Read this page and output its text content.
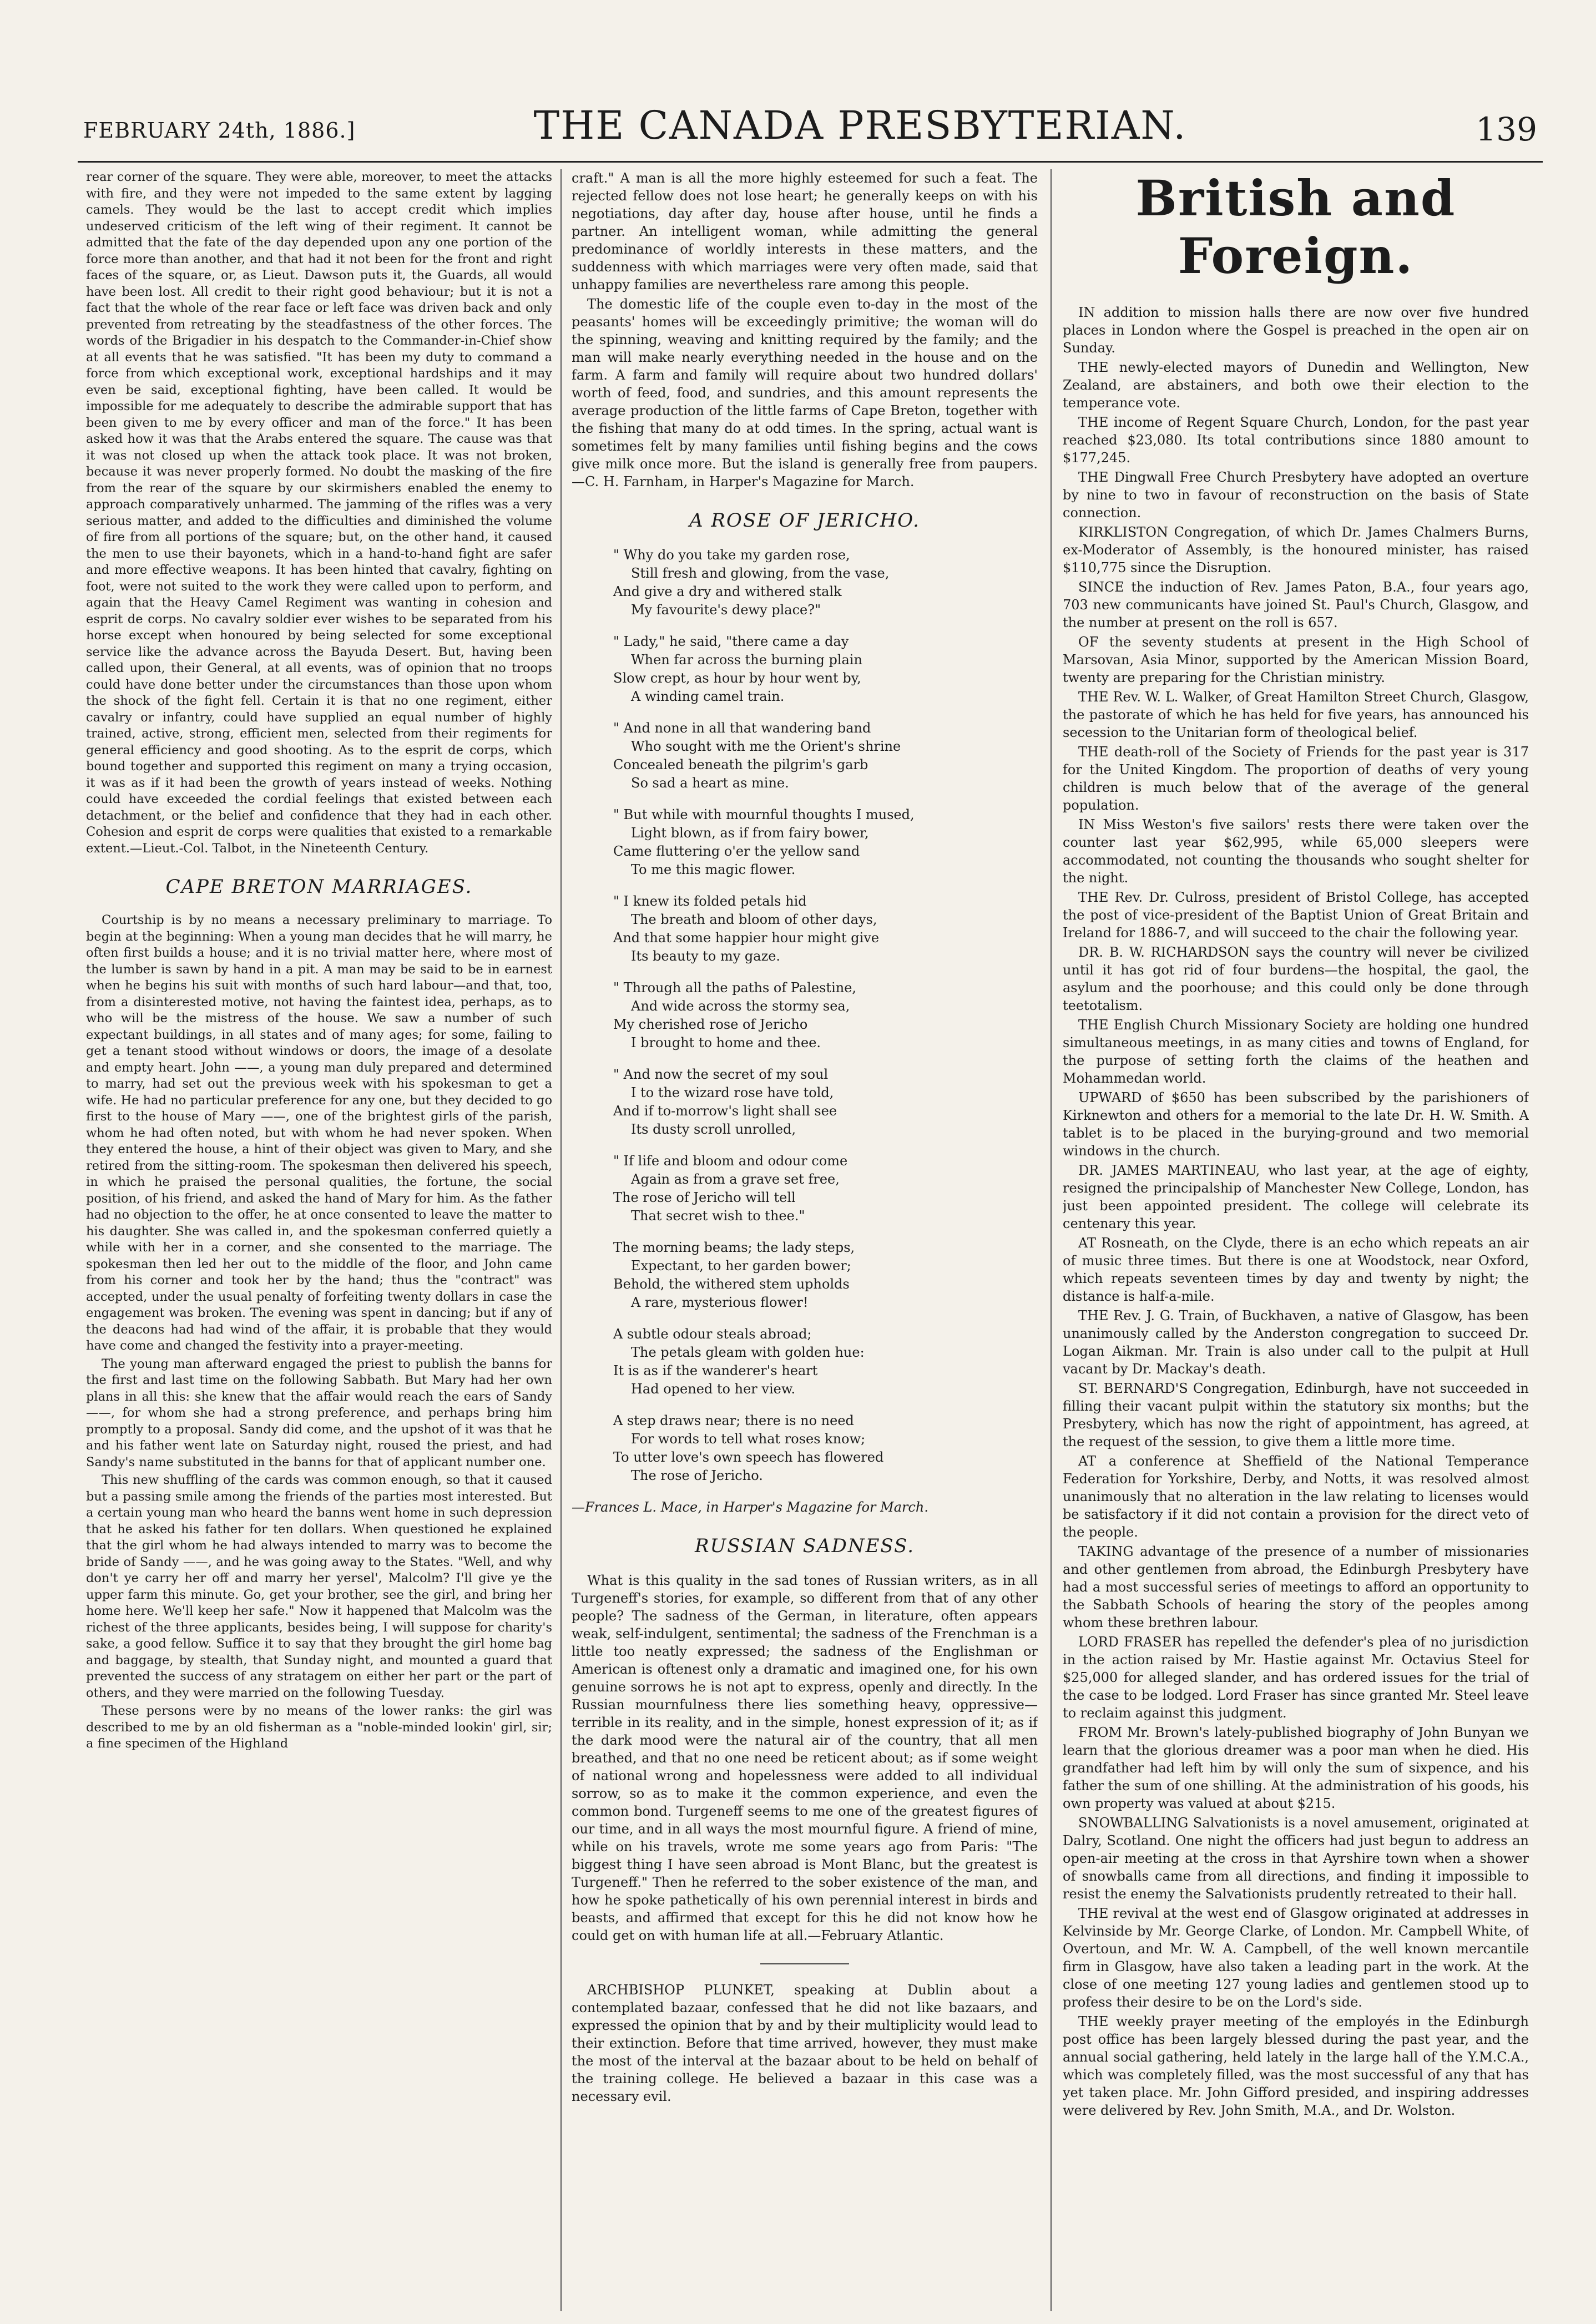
FEBRUARY 24th, 1886.]	THE CANADA PRESBYTERIAN.	139

rear corner of the square. They were able, moreover, to meet the attacks with fire, and they were not impeded to the same extent by lagging camels. They would be the last to accept credit which implies undeserved criticism of the left wing of their regiment. It cannot be admitted that the fate of the day depended upon any one portion of the force more than another, and that had it not been for the front and right faces of the square, or, as Lieut. Dawson puts it, the Guards, all would have been lost. All credit to their right good behaviour; but it is not a fact that the whole of the rear face or left face was driven back and only prevented from retreating by the steadfastness of the other forces. The words of the Brigadier in his despatch to the Commander-in-Chief show at all events that he was satisfied. "It has been my duty to command a force from which exceptional work, exceptional hardships and it may even be said, exceptional fighting, have been called. It would be impossible for me adequately to describe the admirable support that has been given to me by every officer and man of the force." It has been asked how it was that the Arabs entered the square. The cause was that it was not closed up when the attack took place. It was not broken, because it was never properly formed. No doubt the masking of the fire from the rear of the square by our skirmishers enabled the enemy to approach comparatively unharmed. The jamming of the rifles was a very serious matter, and added to the difficulties and diminished the volume of fire from all portions of the square; but, on the other hand, it caused the men to use their bayonets, which in a hand-to-hand fight are safer and more effective weapons. It has been hinted that cavalry, fighting on foot, were not suited to the work they were called upon to perform, and again that the Heavy Camel Regiment was wanting in cohesion and esprit de corps. No cavalry soldier ever wishes to be separated from his horse except when honoured by being selected for some exceptional service like the advance across the Bayuda Desert. But, having been called upon, their General, at all events, was of opinion that no troops could have done better under the circumstances than those upon whom the shock of the fight fell. Certain it is that no one regiment, either cavalry or infantry, could have supplied an equal number of highly trained, active, strong, efficient men, selected from their regiments for general efficiency and good shooting. As to the esprit de corps, which bound together and supported this regiment on many a trying occasion, it was as if it had been the growth of years instead of weeks. Nothing could have exceeded the cordial feelings that existed between each detachment, or the belief and confidence that they had in each other. Cohesion and esprit de corps were qualities that existed to a remarkable extent.—Lieut.-Col. Talbot, in the Nineteenth Century.

CAPE BRETON MARRIAGES.

Courtship is by no means a necessary preliminary to marriage. To begin at the beginning: When a young man decides that he will marry, he often first builds a house; and it is no trivial matter here, where most of the lumber is sawn by hand in a pit. A man may be said to be in earnest when he begins his suit with months of such hard labour—and that, too, from a disinterested motive, not having the faintest idea, perhaps, as to who will be the mistress of the house. We saw a number of such expectant buildings, in all states and of many ages; for some, failing to get a tenant stood without windows or doors, the image of a desolate and empty heart. John ——, a young man duly prepared and determined to marry, had set out the previous week with his spokesman to get a wife. He had no particular preference for any one, but they decided to go first to the house of Mary ——, one of the brightest girls of the parish, whom he had often noted, but with whom he had never spoken. When they entered the house, a hint of their object was given to Mary, and she retired from the sitting-room. The spokesman then delivered his speech, in which he praised the personal qualities, the fortune, the social position, of his friend, and asked the hand of Mary for him. As the father had no objection to the offer, he at once consented to leave the matter to his daughter. She was called in, and the spokesman conferred quietly a while with her in a corner, and she consented to the marriage. The spokesman then led her out to the middle of the floor, and John came from his corner and took her by the hand; thus the "contract" was accepted, under the usual penalty of forfeiting twenty dollars in case the engagement was broken. The evening was spent in dancing; but if any of the deacons had had wind of the affair, it is probable that they would have come and changed the festivity into a prayer-meeting.

The young man afterward engaged the priest to publish the banns for the first and last time on the following Sabbath. But Mary had her own plans in all this: she knew that the affair would reach the ears of Sandy ——, for whom she had a strong preference, and perhaps bring him promptly to a proposal. Sandy did come, and the upshot of it was that he and his father went late on Saturday night, roused the priest, and had Sandy's name substituted in the banns for that of applicant number one.

This new shuffling of the cards was common enough, so that it caused but a passing smile among the friends of the parties most interested. But a certain young man who heard the banns went home in such depression that he asked his father for ten dollars. When questioned he explained that the girl whom he had always intended to marry was to become the bride of Sandy ——, and he was going away to the States. "Well, and why don't ye carry her off and marry her yersel', Malcolm? I'll give ye the upper farm this minute. Go, get your brother, see the girl, and bring her home here. We'll keep her safe." Now it happened that Malcolm was the richest of the three applicants, besides being, I will suppose for charity's sake, a good fellow. Suffice it to say that they brought the girl home bag and baggage, by stealth, that Sunday night, and mounted a guard that prevented the success of any stratagem on either her part or the part of others, and they were married on the following Tuesday.

These persons were by no means of the lower ranks: the girl was described to me by an old fisherman as a "noble-minded lookin' girl, sir; a fine specimen of the Highland

craft." A man is all the more highly esteemed for such a feat. The rejected fellow does not lose heart; he generally keeps on with his negotiations, day after day, house after house, until he finds a partner. An intelligent woman, while admitting the general predominance of worldly interests in these matters, and the suddenness with which marriages were very often made, said that unhappy families are nevertheless rare among this people.

The domestic life of the couple even to-day in the most of the peasants' homes will be exceedingly primitive; the woman will do the spinning, weaving and knitting required by the family; and the man will make nearly everything needed in the house and on the farm. A farm and family will require about two hundred dollars' worth of feed, food, and sundries, and this amount represents the average production of the little farms of Cape Breton, together with the fishing that many do at odd times. In the spring, actual want is sometimes felt by many families until fishing begins and the cows give milk once more. But the island is generally free from paupers.—C. H. Farnham, in Harper's Magazine for March.

A ROSE OF JERICHO.
" Why do you take my garden rose,
Still fresh and glowing, from the vase,
And give a dry and withered stalk
My favourite's dewy place?"
" Lady," he said, "there came a day
When far across the burning plain
Slow crept, as hour by hour went by,
A winding camel train.
" And none in all that wandering band
Who sought with me the Orient's shrine
Concealed beneath the pilgrim's garb
So sad a heart as mine.
" But while with mournful thoughts I mused,
Light blown, as if from fairy bower,
Came fluttering o'er the yellow sand
To me this magic flower.
" I knew its folded petals hid
The breath and bloom of other days,
And that some happier hour might give
Its beauty to my gaze.
" Through all the paths of Palestine,
And wide across the stormy sea,
My cherished rose of Jericho
I brought to home and thee.
" And now the secret of my soul
I to the wizard rose have told,
And if to-morrow's light shall see
Its dusty scroll unrolled,
" If life and bloom and odour come
Again as from a grave set free,
The rose of Jericho will tell
That secret wish to thee."
The morning beams; the lady steps,
Expectant, to her garden bower;
Behold, the withered stem upholds
A rare, mysterious flower!
A subtle odour steals abroad;
The petals gleam with golden hue:
It is as if the wanderer's heart
Had opened to her view.
A step draws near; there is no need
For words to tell what roses know;
To utter love's own speech has flowered
The rose of Jericho.
—Frances L. Mace, in Harper's Magazine for March.
RUSSIAN SADNESS.

What is this quality in the sad tones of Russian writers, as in all Turgeneff's stories, for example, so different from that of any other people? The sadness of the German, in literature, often appears weak, self-indulgent, sentimental; the sadness of the Frenchman is a little too neatly expressed; the sadness of the Englishman or American is oftenest only a dramatic and imagined one, for his own genuine sorrows he is not apt to express, openly and directly. In the Russian mournfulness there lies something heavy, oppressive—terrible in its reality, and in the simple, honest expression of it; as if the dark mood were the natural air of the country, that all men breathed, and that no one need be reticent about; as if some weight of national wrong and hopelessness were added to all individual sorrow, so as to make it the common experience, and even the common bond. Turgeneff seems to me one of the greatest figures of our time, and in all ways the most mournful figure. A friend of mine, while on his travels, wrote me some years ago from Paris: "The biggest thing I have seen abroad is Mont Blanc, but the greatest is Turgeneff." Then he referred to the sober existence of the man, and how he spoke pathetically of his own perennial interest in birds and beasts, and affirmed that except for this he did not know how he could get on with human life at all.—February Atlantic.

ARCHBISHOP PLUNKET, speaking at Dublin about a contemplated bazaar, confessed that he did not like bazaars, and expressed the opinion that by and by their multiplicity would lead to their extinction. Before that time arrived, however, they must make the most of the interval at the bazaar about to be held on behalf of the training college. He believed a bazaar in this case was a necessary evil.

British and Foreign.

IN addition to mission halls there are now over five hundred places in London where the Gospel is preached in the open air on Sunday.

THE newly-elected mayors of Dunedin and Wellington, New Zealand, are abstainers, and both owe their election to the temperance vote.

THE income of Regent Square Church, London, for the past year reached $23,080. Its total contributions since 1880 amount to $177,245.

THE Dingwall Free Church Presbytery have adopted an overture by nine to two in favour of reconstruction on the basis of State connection.

KIRKLISTON Congregation, of which Dr. James Chalmers Burns, ex-Moderator of Assembly, is the honoured minister, has raised $110,775 since the Disruption.

SINCE the induction of Rev. James Paton, B.A., four years ago, 703 new communicants have joined St. Paul's Church, Glasgow, and the number at present on the roll is 657.

OF the seventy students at present in the High School of Marsovan, Asia Minor, supported by the American Mission Board, twenty are preparing for the Christian ministry.

THE Rev. W. L. Walker, of Great Hamilton Street Church, Glasgow, the pastorate of which he has held for five years, has announced his secession to the Unitarian form of theological belief.

THE death-roll of the Society of Friends for the past year is 317 for the United Kingdom. The proportion of deaths of very young children is much below that of the average of the general population.

IN Miss Weston's five sailors' rests there were taken over the counter last year $62,995, while 65,000 sleepers were accommodated, not counting the thousands who sought shelter for the night.

THE Rev. Dr. Culross, president of Bristol College, has accepted the post of vice-president of the Baptist Union of Great Britain and Ireland for 1886-7, and will succeed to the chair the following year.

DR. B. W. RICHARDSON says the country will never be civilized until it has got rid of four burdens—the hospital, the gaol, the asylum and the poorhouse; and this could only be done through teetotalism.

THE English Church Missionary Society are holding one hundred simultaneous meetings, in as many cities and towns of England, for the purpose of setting forth the claims of the heathen and Mohammedan world.

UPWARD of $650 has been subscribed by the parishioners of Kirknewton and others for a memorial to the late Dr. H. W. Smith. A tablet is to be placed in the burying-ground and two memorial windows in the church.

DR. JAMES MARTINEAU, who last year, at the age of eighty, resigned the principalship of Manchester New College, London, has just been appointed president. The college will celebrate its centenary this year.

AT Rosneath, on the Clyde, there is an echo which repeats an air of music three times. But there is one at Woodstock, near Oxford, which repeats seventeen times by day and twenty by night; the distance is half-a-mile.

THE Rev. J. G. Train, of Buckhaven, a native of Glasgow, has been unanimously called by the Anderston congregation to succeed Dr. Logan Aikman. Mr. Train is also under call to the pulpit at Hull vacant by Dr. Mackay's death.

ST. BERNARD'S Congregation, Edinburgh, have not succeeded in filling their vacant pulpit within the statutory six months; but the Presbytery, which has now the right of appointment, has agreed, at the request of the session, to give them a little more time.

AT a conference at Sheffield of the National Temperance Federation for Yorkshire, Derby, and Notts, it was resolved almost unanimously that no alteration in the law relating to licenses would be satisfactory if it did not contain a provision for the direct veto of the people.

TAKING advantage of the presence of a number of missionaries and other gentlemen from abroad, the Edinburgh Presbytery have had a most successful series of meetings to afford an opportunity to the Sabbath Schools of hearing the story of the peoples among whom these brethren labour.

LORD FRASER has repelled the defender's plea of no jurisdiction in the action raised by Mr. Hastie against Mr. Octavius Steel for $25,000 for alleged slander, and has ordered issues for the trial of the case to be lodged. Lord Fraser has since granted Mr. Steel leave to reclaim against this judgment.

FROM Mr. Brown's lately-published biography of John Bunyan we learn that the glorious dreamer was a poor man when he died. His grandfather had left him by will only the sum of sixpence, and his father the sum of one shilling. At the administration of his goods, his own property was valued at about $215.

SNOWBALLING Salvationists is a novel amusement, originated at Dalry, Scotland. One night the officers had just begun to address an open-air meeting at the cross in that Ayrshire town when a shower of snowballs came from all directions, and finding it impossible to resist the enemy the Salvationists prudently retreated to their hall.

THE revival at the west end of Glasgow originated at addresses in Kelvinside by Mr. George Clarke, of London. Mr. Campbell White, of Overtoun, and Mr. W. A. Campbell, of the well known mercantile firm in Glasgow, have also taken a leading part in the work. At the close of one meeting 127 young ladies and gentlemen stood up to profess their desire to be on the Lord's side.

THE weekly prayer meeting of the employés in the Edinburgh post office has been largely blessed during the past year, and the annual social gathering, held lately in the large hall of the Y.M.C.A., which was completely filled, was the most successful of any that has yet taken place. Mr. John Gifford presided, and inspiring addresses were delivered by Rev. John Smith, M.A., and Dr. Wolston.
